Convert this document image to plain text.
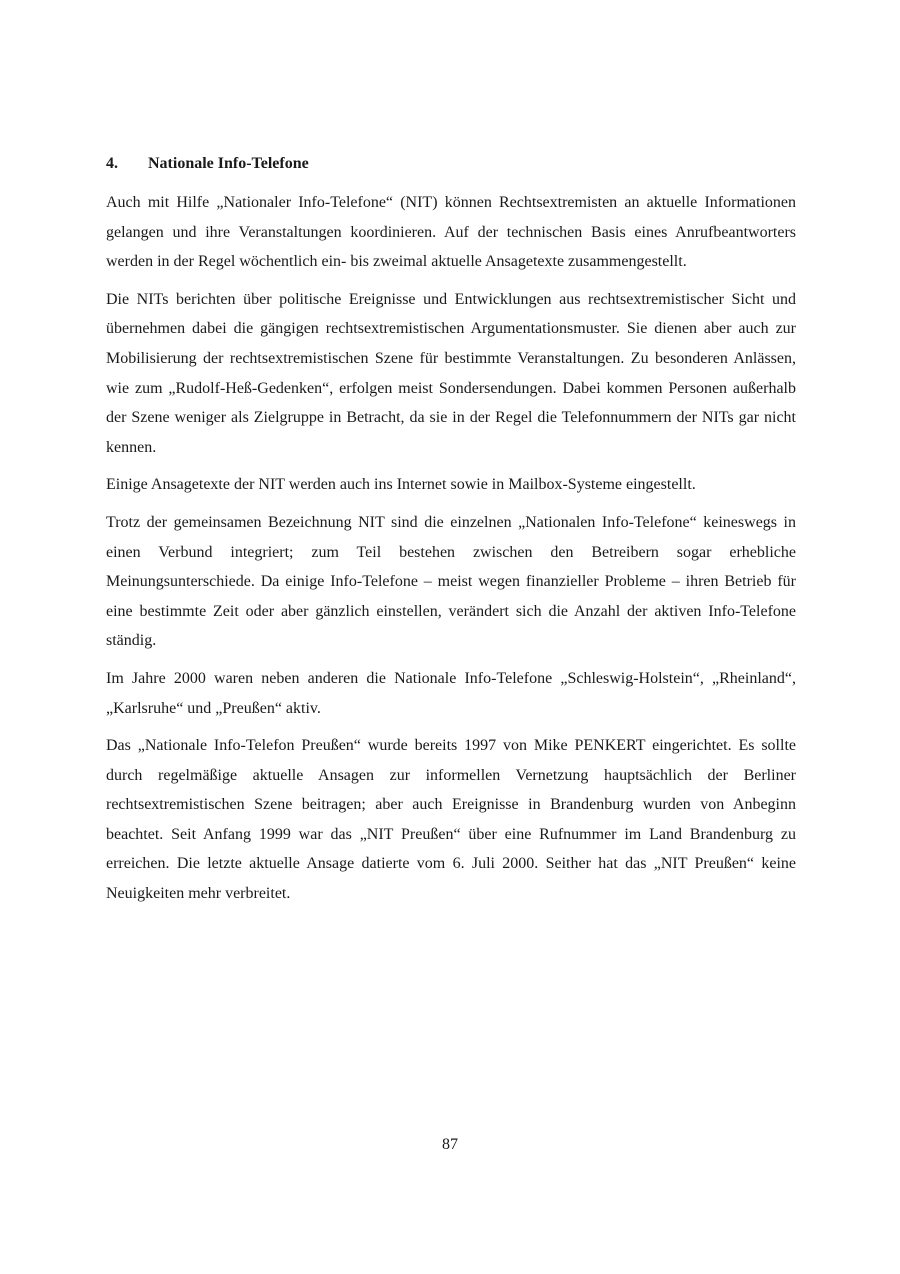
4. Nationale Info-Telefone

Auch mit Hilfe „Nationaler Info-Telefone“ (NIT) können Rechtsextremisten an aktuelle Informationen gelangen und ihre Veranstaltungen koordinieren. Auf der technischen Basis eines Anrufbeantworters werden in der Regel wöchentlich ein- bis zweimal aktuelle Ansagetexte zusammengestellt.

Die NITs berichten über politische Ereignisse und Entwicklungen aus rechtsextremistischer Sicht und übernehmen dabei die gängigen rechtsextremistischen Argumentationsmuster. Sie dienen aber auch zur Mobilisierung der rechtsextremistischen Szene für bestimmte Veranstaltungen. Zu besonderen Anlässen, wie zum „Rudolf-Heß-Gedenken“, erfolgen meist Sondersendungen. Dabei kommen Personen außerhalb der Szene weniger als Zielgruppe in Betracht, da sie in der Regel die Telefonnummern der NITs gar nicht kennen.

Einige Ansagetexte der NIT werden auch ins Internet sowie in Mailbox-Systeme eingestellt.

Trotz der gemeinsamen Bezeichnung NIT sind die einzelnen „Nationalen Info-Telefone“ keineswegs in einen Verbund integriert; zum Teil bestehen zwischen den Betreibern sogar erhebliche Meinungsunterschiede. Da einige Info-Telefone – meist wegen finanzieller Probleme – ihren Betrieb für eine bestimmte Zeit oder aber gänzlich einstellen, verändert sich die Anzahl der aktiven Info-Telefone ständig.

Im Jahre 2000 waren neben anderen die Nationale Info-Telefone „Schleswig-Holstein“, „Rheinland“, „Karlsruhe“ und „Preußen“ aktiv.

Das „Nationale Info-Telefon Preußen“ wurde bereits 1997 von Mike PENKERT eingerichtet. Es sollte durch regelmäßige aktuelle Ansagen zur informellen Vernetzung hauptsächlich der Berliner rechtsextremistischen Szene beitragen; aber auch Ereignisse in Brandenburg wurden von Anbeginn beachtet. Seit Anfang 1999 war das „NIT Preußen“ über eine Rufnummer im Land Brandenburg zu erreichen. Die letzte aktuelle Ansage datierte vom 6. Juli 2000. Seither hat das „NIT Preußen“ keine Neuigkeiten mehr verbreitet.

87
